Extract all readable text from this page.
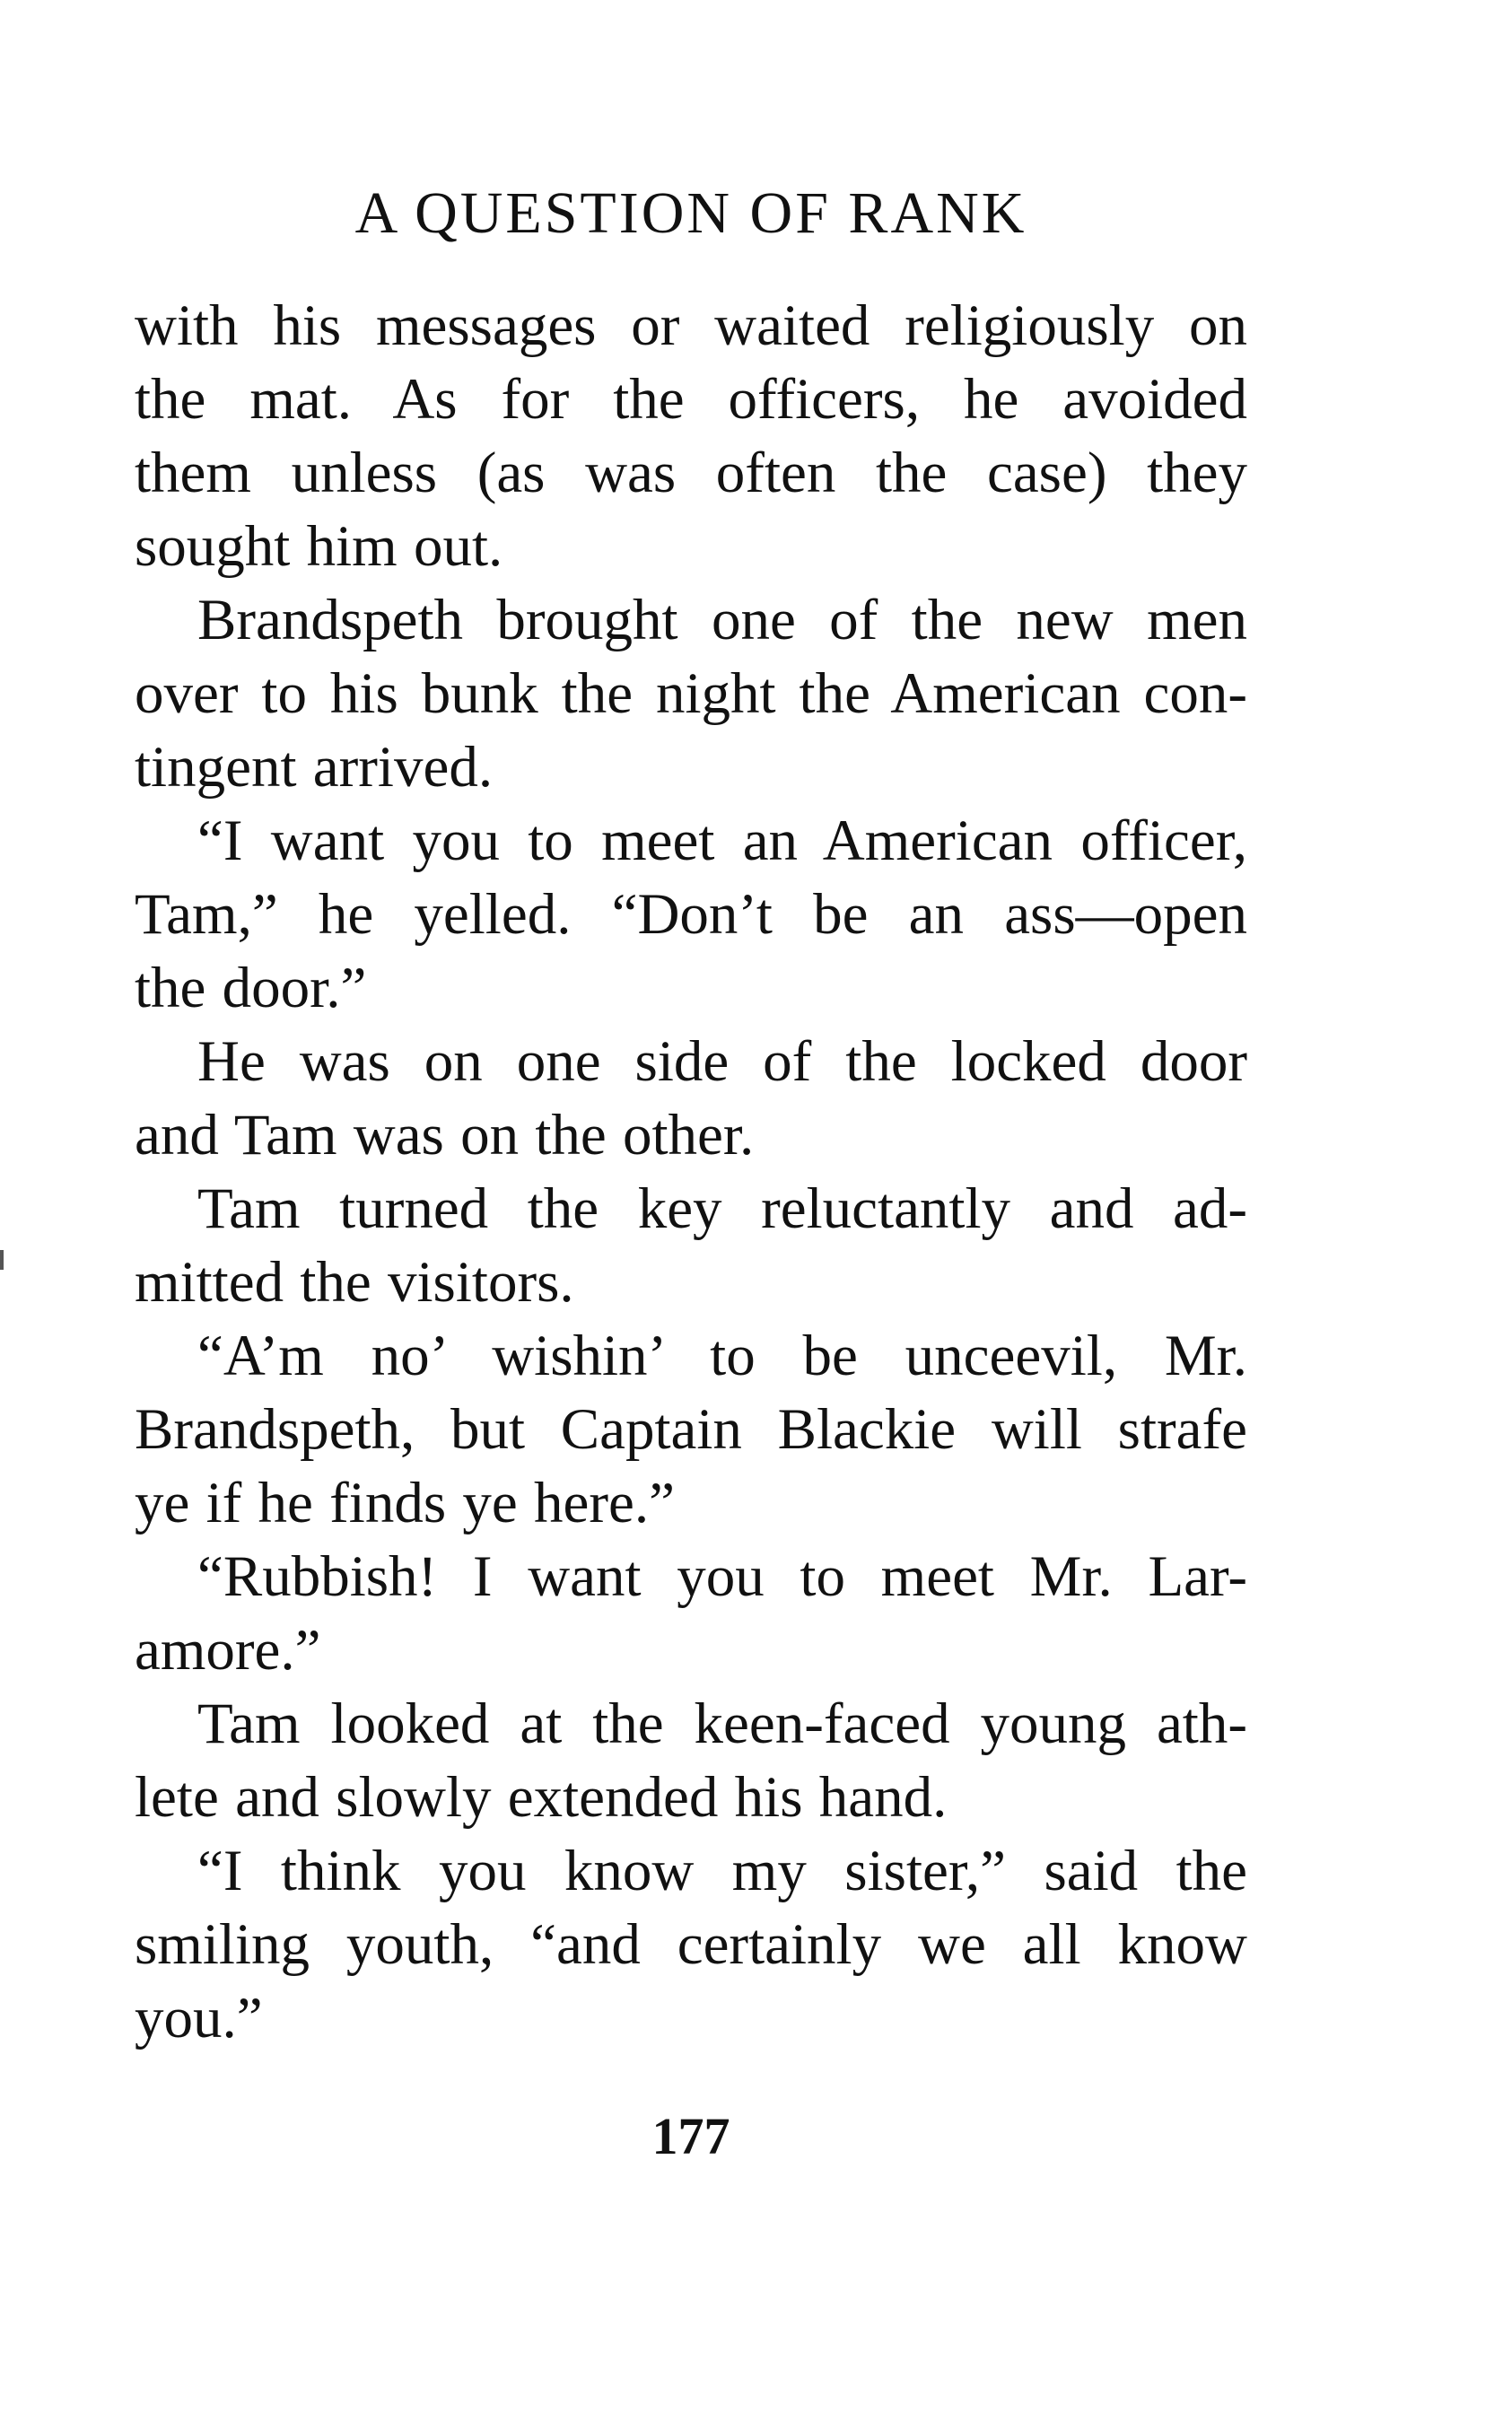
A QUESTION OF RANK
with his messages or waited religiously on
the mat. As for the officers, he avoided
them unless (as was often the case) they
sought him out.
Brandspeth brought one of the new men
over to his bunk the night the American con-
tingent arrived.
“I want you to meet an American officer,
Tam,” he yelled. “Don’t be an ass—open
the door.”
He was on one side of the locked door
and Tam was on the other.
Tam turned the key reluctantly and ad-
mitted the visitors.
“A’m no’ wishin’ to be unceevil, Mr.
Brandspeth, but Captain Blackie will strafe
ye if he finds ye here.”
“Rubbish! I want you to meet Mr. Lar-
amore.”
Tam looked at the keen-faced young ath-
lete and slowly extended his hand.
“I think you know my sister,” said the
smiling youth, “and certainly we all know
you.”
177
